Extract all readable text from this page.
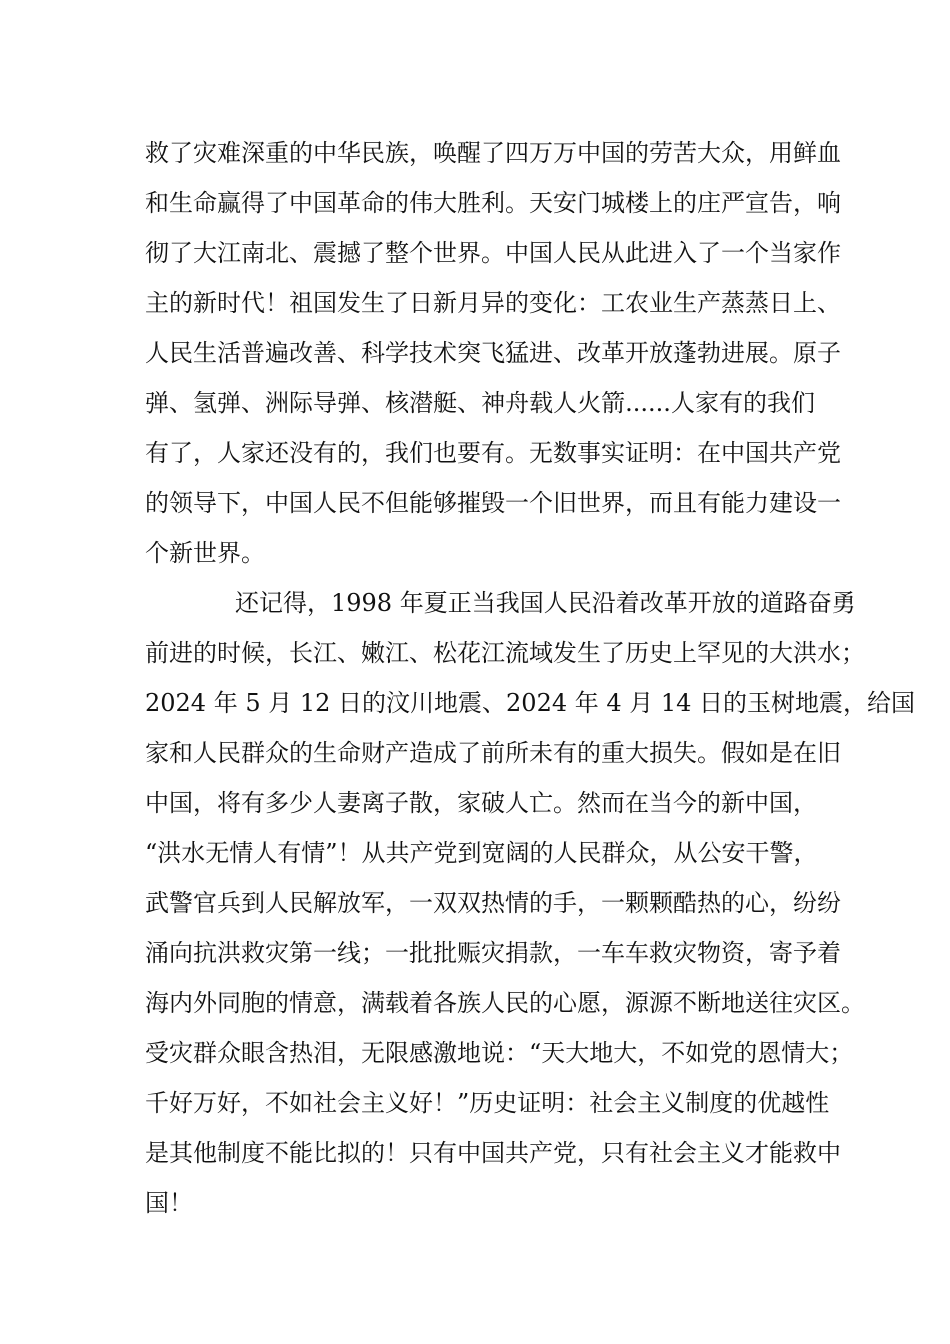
救了灾难深重的中华民族，唤醒了四万万中国的劳苦大众，用鲜血
和生命赢得了中国革命的伟大胜利。天安门城楼上的庄严宣告，响
彻了大江南北、震撼了整个世界。中国人民从此进入了一个当家作
主的新时代！祖国发生了日新月异的变化：工农业生产蒸蒸日上、
人民生活普遍改善、科学技术突飞猛进、改革开放蓬勃进展。原子
弹、氢弹、洲际导弹、核潜艇、神舟载人火箭......人家有的我们
有了，人家还没有的，我们也要有。无数事实证明：在中国共产党
的领导下，中国人民不但能够摧毁一个旧世界，而且有能力建设一
个新世界。
还记得，1998 年夏正当我国人民沿着改革开放的道路奋勇
前进的时候，长江、嫩江、松花江流域发生了历史上罕见的大洪水；
2024 年 5 月 12 日的汶川地震、2024 年 4 月 14 日的玉树地震，给国
家和人民群众的生命财产造成了前所未有的重大损失。假如是在旧
中国，将有多少人妻离子散，家破人亡。然而在当今的新中国，
“洪水无情人有情”！从共产党到宽阔的人民群众，从公安干警，
武警官兵到人民解放军，一双双热情的手，一颗颗酷热的心，纷纷
涌向抗洪救灾第一线；一批批赈灾捐款，一车车救灾物资，寄予着
海内外同胞的情意，满载着各族人民的心愿，源源不断地送往灾区。
受灾群众眼含热泪，无限感激地说：“天大地大，不如党的恩情大；
千好万好，不如社会主义好！”历史证明：社会主义制度的优越性
是其他制度不能比拟的！只有中国共产党，只有社会主义才能救中
国！
